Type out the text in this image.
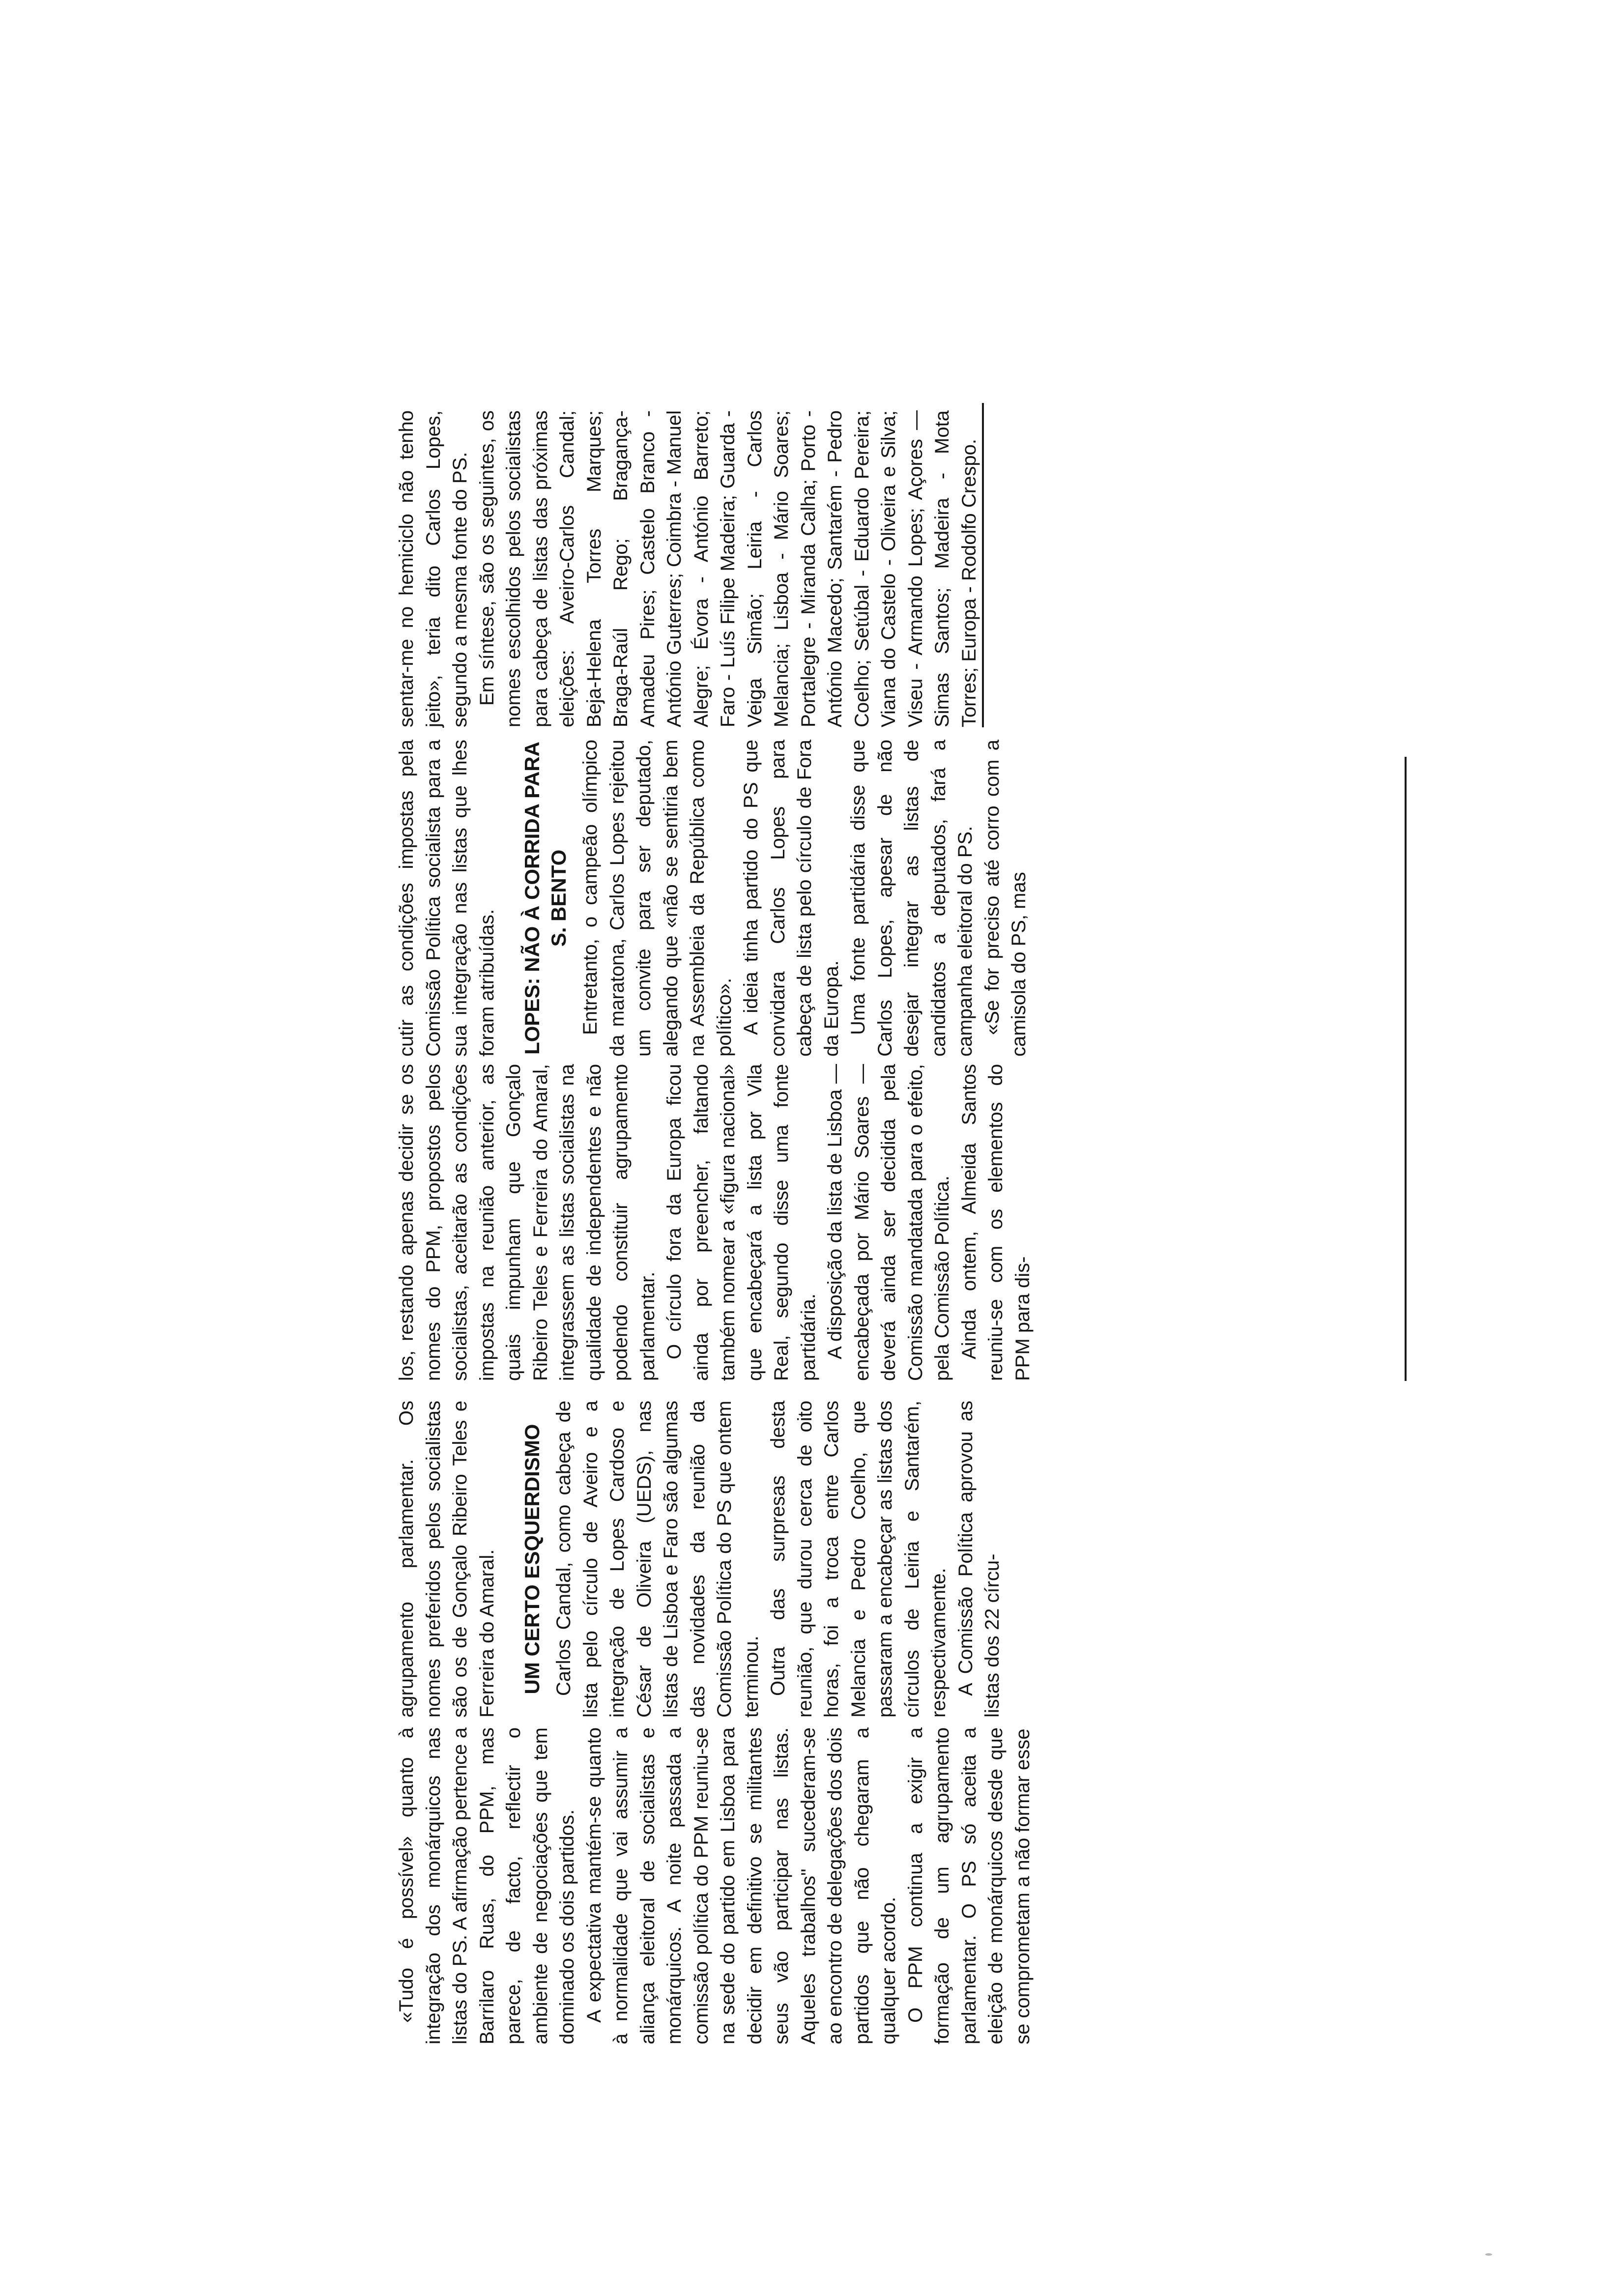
«Tudo é possível» quanto à integração dos monárquicos nas listas do PS. A afirmação pertence a Barrilaro Ruas, do PPM, mas parece, de facto, reflectir o ambiente de negociações que tem dominado os dois partidos. A expectativa mantém-se quanto à normalidade que vai assumir a aliança eleitoral de socialistas e monárquicos. A noite passada a comissão política do PPM reuniu-se na sede do partido em Lisboa para decidir em definitivo se militantes seus vão participar nas listas. Aqueles trabalhos" sucederam-se ao encontro de delegações dos dois partidos que não chegaram a qualquer acordo. O PPM continua a exigir a formação de um agrupamento parlamentar. O PS só aceita a eleição de monárquicos desde que se comprometam a não formar esse

agrupamento parlamentar. Os nomes preferidos pelos socialistas são os de Gonçalo Ribeiro Teles e Ferreira do Amaral. UM CERTO ESQUERDISMO Carlos Candal, como cabeça de lista pelo círculo de Aveiro e a integração de Lopes Cardoso e César de Oliveira (UEDS), nas listas de Lisboa e Faro são algumas das novidades da reunião da Comissão Política do PS que ontem terminou. Outra das surpresas desta reunião, que durou cerca de oito horas, foi a troca entre Carlos Melancia e Pedro Coelho, que passaram a encabeçar as listas dos círculos de Leiria e Santarém, respectivamente. A Comissão Política aprovou as listas dos 22 círcu-

los, restando apenas decidir se os nomes do PPM, propostos pelos socialistas, aceitarão as condições impostas na reunião anterior, as quais impunham que Gonçalo Ribeiro Teles e Ferreira do Amaral, integrassem as listas socialistas na qualidade de independentes e não podendo constituir agrupamento parlamentar. O círculo fora da Europa ficou ainda por preencher, faltando também nomear a «figura nacional» que encabeçará a lista por Vila Real, segundo disse uma fonte partidária. A disposição da lista de Lisboa — encabeçada por Mário Soares — deverá ainda ser decidida pela Comissão mandatada para o efeito, pela Comissão Política. Ainda ontem, Almeida Santos reuniu-se com os elementos do PPM para dis-

cutir as condições impostas pela Comissão Política socialista para a sua integração nas listas que lhes foram atribuídas. LOPES: NÃO À CORRIDA PARA S. BENTO Entretanto, o campeão olímpico da maratona, Carlos Lopes rejeitou um convite para ser deputado, alegando que «não se sentiria bem na Assembleia da República como político». A ideia tinha partido do PS que convidara Carlos Lopes para cabeça de lista pelo círculo de Fora da Europa. Uma fonte partidária disse que Carlos Lopes, apesar de não desejar integrar as listas de candidatos a deputados, fará a campanha eleitoral do PS. «Se for preciso até corro com a camisola do PS, mas

sentar-me no hemiciclo não tenho jeito», teria dito Carlos Lopes, segundo a mesma fonte do PS. Em síntese, são os seguintes, os nomes escolhidos pelos socialistas para cabeça de listas das próximas eleições: Aveiro-Carlos Candal; Beja-Helena Torres Marques; Braga-Raúl Rego; Bragança-Amadeu Pires; Castelo Branco - António Guterres; Coimbra - Manuel Alegre; Évora - António Barreto; Faro - Luís Filipe Madeira; Guarda - Veiga Simão; Leiria - Carlos Melancia; Lisboa - Mário Soares; Portalegre - Miranda Calha; Porto - António Macedo; Santarém - Pedro Coelho; Setúbal - Eduardo Pereira; Viana do Castelo - Oliveira e Silva; Viseu - Armando Lopes; Açores — Simas Santos; Madeira - Mota Torres; Europa - Rodolfo Crespo.
